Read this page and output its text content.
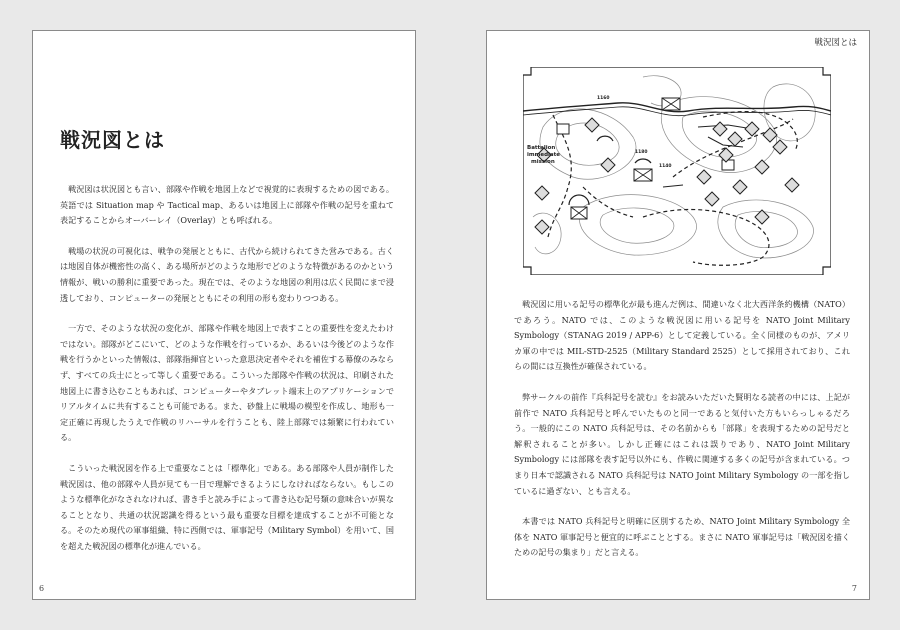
戦況図とは

戦況図は状況図とも言い、部隊や作戦を地図上などで視覚的に表現するための図である。英語では Situation map や Tactical map、あるいは地図上に部隊や作戦の記号を重ねて表記することからオーバーレイ（Overlay）とも呼ばれる。

戦場の状況の可視化は、戦争の発展とともに、古代から続けられてきた営みである。古くは地図自体が機密性の高く、ある場所がどのような地形でどのような特徴があるのかという情報が、戦いの勝利に重要であった。現在では、そのような地図の利用は広く民間にまで浸透しており、コンピューターの発展とともにその利用の形も変わりつつある。

一方で、そのような状況の変化が、部隊や作戦を地図上で表すことの重要性を変えたわけではない。部隊がどこにいて、どのような作戦を行っているか、あるいは今後どのような作戦を行うかといった情報は、部隊指揮官といった意思決定者やそれを補佐する幕僚のみならず、すべての兵士にとって等しく重要である。こういった部隊や作戦の状況は、印刷された地図上に書き込むこともあれば、コンピューターやタブレット端末上のアプリケーションでリアルタイムに共有することも可能である。また、砂盤上に戦場の模型を作成し、地形も一定正確に再現したうえで作戦のリハーサルを行うことも、陸上部隊では頻繁に行われている。

こういった戦況図を作る上で重要なことは「標準化」である。ある部隊や人員が制作した戦況図は、他の部隊や人員が見ても一目で理解できるようにしなければならない。もしこのような標準化がなされなければ、書き手と読み手によって書き込む記号類の意味合いが異なることとなり、共通の状況認識を得るという最も重要な目標を達成することが不可能となる。そのため現代の軍事組織、特に西側では、軍事記号（Military Symbol）を用いて、国を超えた戦況図の標準化が進んでいる。

6
戦況図とは
Battalion
immediate
mission
1160
1180
1140

戦況図に用いる記号の標準化が最も進んだ例は、間違いなく北大西洋条約機構（NATO）であろう。NATO では、このような戦況図に用いる記号を NATO Joint Military Symbology（STANAG 2019 / APP-6）として定義している。全く同様のものが、アメリカ軍の中では MIL-STD-2525（Military Standard 2525）として採用されており、これらの間には互換性が確保されている。

弊サークルの前作『兵科記号を読む』をお読みいただいた賢明なる読者の中には、上記が前作で NATO 兵科記号と呼んでいたものと同一であると気付いた方もいらっしゃるだろう。一般的にこの NATO 兵科記号は、その名前からも「部隊」を表現するための記号だと解釈されることが多い。しかし正確にはこれは誤りであり、NATO Joint Military Symbology には部隊を表す記号以外にも、作戦に関連する多くの記号が含まれている。つまり日本で認識される NATO 兵科記号は NATO Joint Military Symbology の一部を指しているに過ぎない、とも言える。

本書では NATO 兵科記号と明確に区別するため、NATO Joint Military Symbology 全体を NATO 軍事記号と便宜的に呼ぶこととする。まさに NATO 軍事記号は「戦況図を描くための記号の集まり」だと言える。

7
